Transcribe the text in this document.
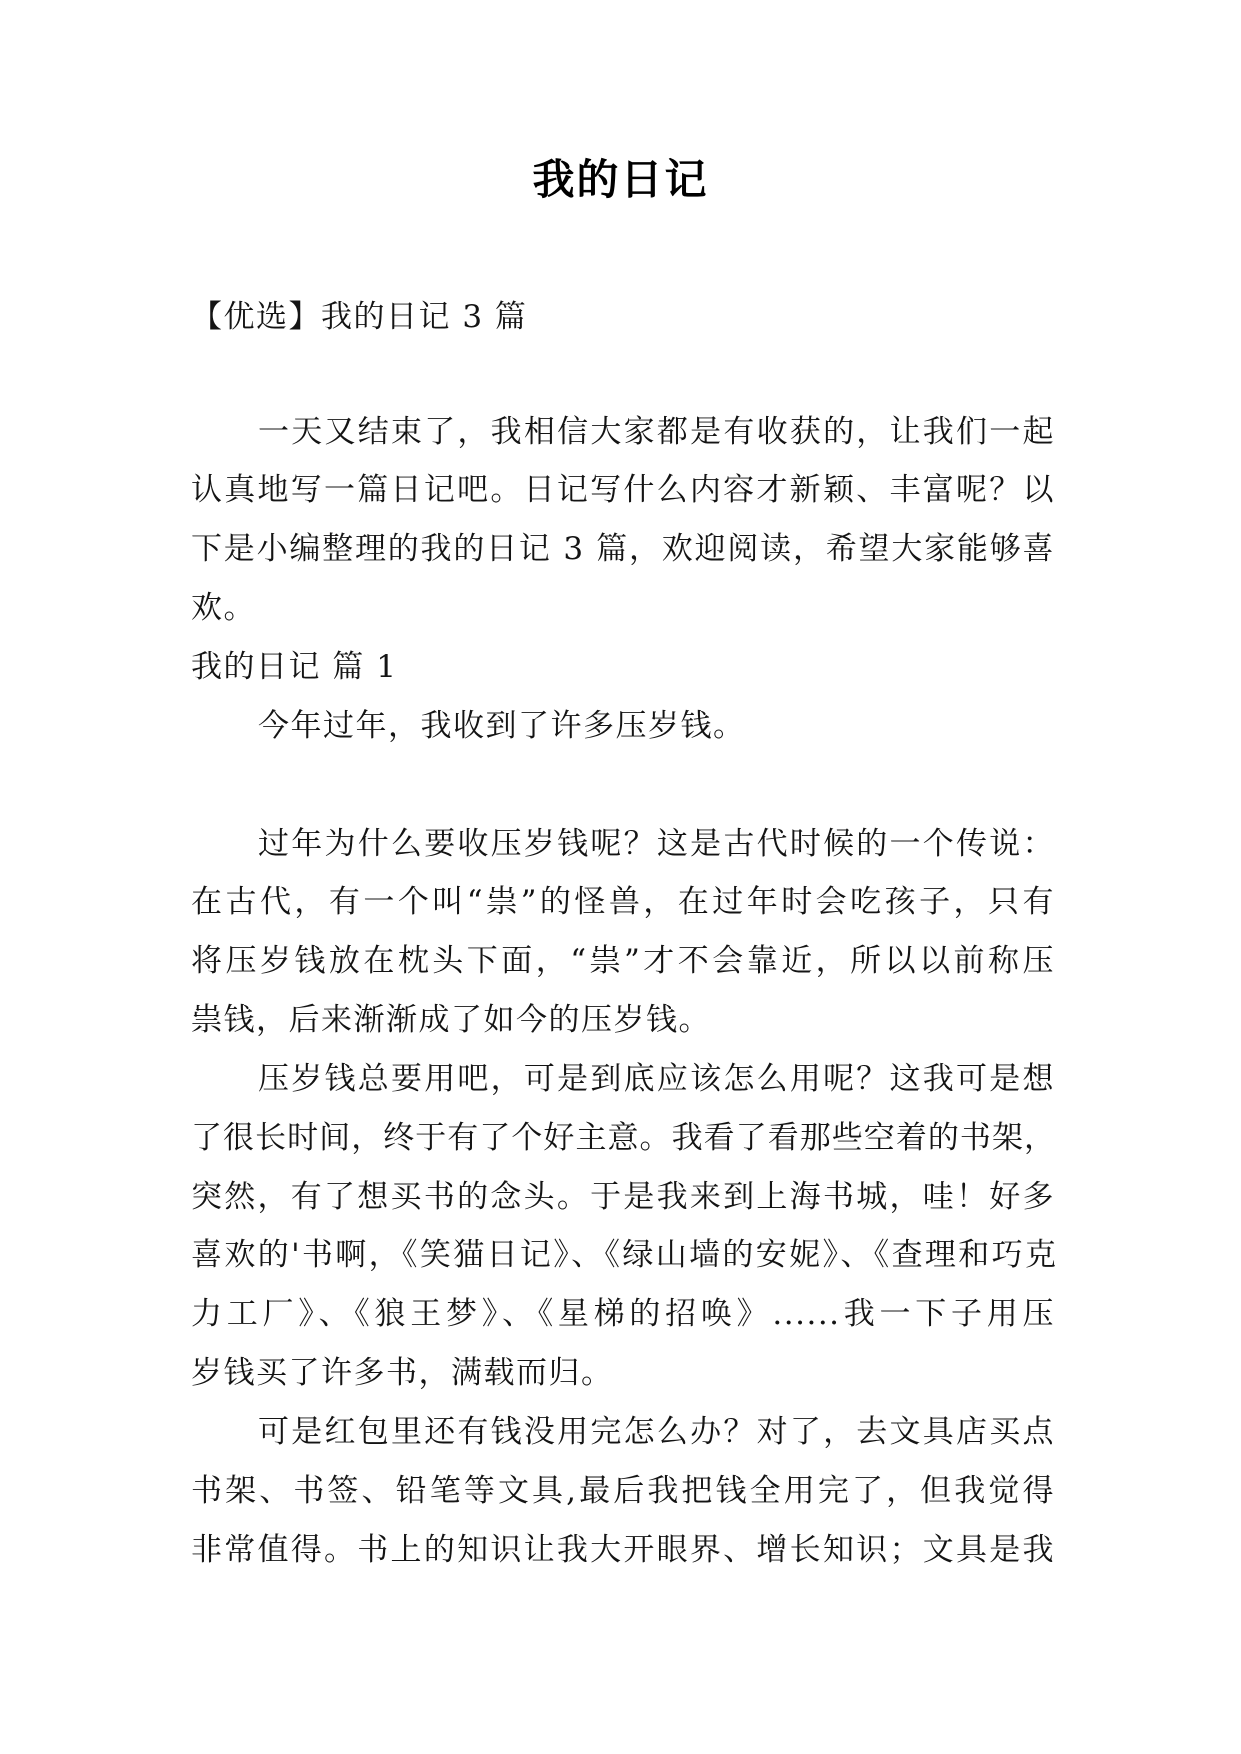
我的日记
【优选】我的日记 3 篇
一天又结束了，我相信大家都是有收获的，让我们一起
认真地写一篇日记吧。日记写什么内容才新颖、丰富呢？以
下是小编整理的我的日记 3 篇，欢迎阅读，希望大家能够喜
欢。
我的日记 篇 1
今年过年，我收到了许多压岁钱。
过年为什么要收压岁钱呢？这是古代时候的一个传说：
在古代，有一个叫“祟”的怪兽，在过年时会吃孩子，只有
将压岁钱放在枕头下面，“祟”才不会靠近，所以以前称压
祟钱，后来渐渐成了如今的压岁钱。
压岁钱总要用吧，可是到底应该怎么用呢？这我可是想
了很长时间，终于有了个好主意。我看了看那些空着的书架，
突然，有了想买书的念头。于是我来到上海书城，哇！好多
喜欢的'书啊，《笑猫日记》、《绿山墙的安妮》、《查理和巧克
力工厂》、《狼王梦》、《星梯的招唤》......我一下子用压
岁钱买了许多书，满载而归。
可是红包里还有钱没用完怎么办？对了，去文具店买点
书架、书签、铅笔等文具,最后我把钱全用完了，但我觉得
非常值得。书上的知识让我大开眼界、增长知识；文具是我
